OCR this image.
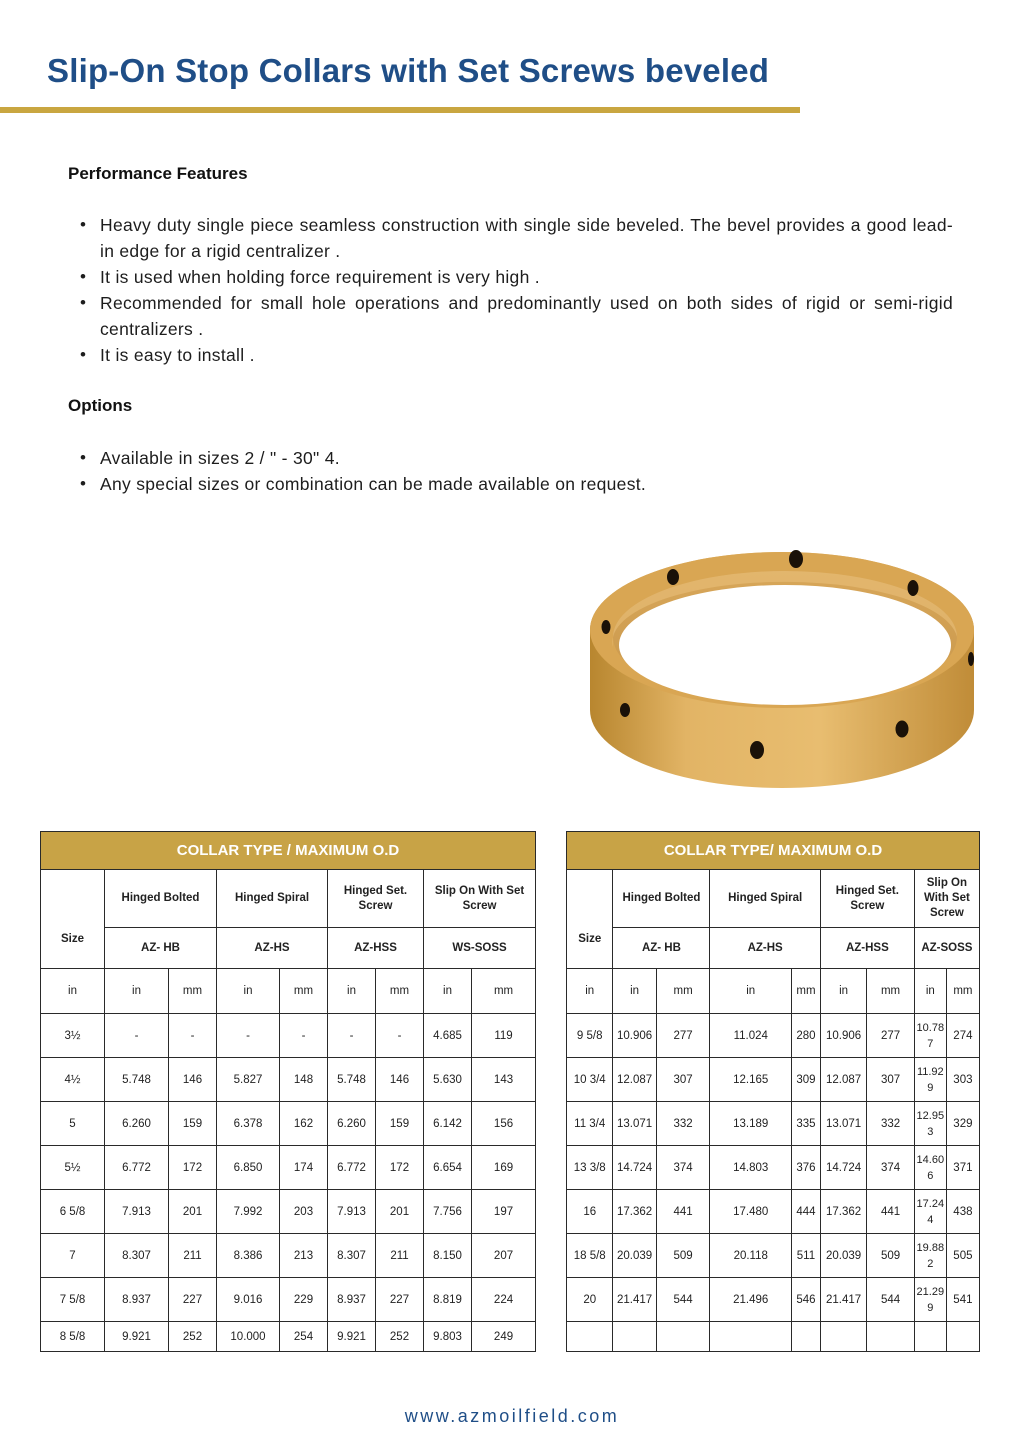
Slip-On Stop Collars with Set Screws beveled
Performance Features
• Heavy duty single piece seamless construction with single side beveled. The bevel provides a good lead-in edge for a rigid centralizer .
• It is used when holding force requirement is very high .
• Recommended for small hole operations and predominantly used on both sides of rigid or semi-rigid centralizers .
• It is easy to install .
Options
• Available in sizes 2 / " - 30" 4.
• Any special sizes or combination can be made available on request.
COLLAR TYPE / MAXIMUM O.D								
Size	Hinged Bolted		Hinged Spiral		Hinged Set. Screw		Slip On With Set Screw	
	AZ- HB		AZ-HS		AZ-HSS		WS-SOSS	
in	in	mm	in	mm	in	mm	in	mm
3½	-	-	-	-	-	-	4.685	119
4½	5.748	146	5.827	148	5.748	146	5.630	143
5	6.260	159	6.378	162	6.260	159	6.142	156
5½	6.772	172	6.850	174	6.772	172	6.654	169
6 5/8	7.913	201	7.992	203	7.913	201	7.756	197
7	8.307	211	8.386	213	8.307	211	8.150	207
7 5/8	8.937	227	9.016	229	8.937	227	8.819	224
8 5/8	9.921	252	10.000	254	9.921	252	9.803	249
COLLAR TYPE/ MAXIMUM O.D								
Size	Hinged Bolted		Hinged Spiral		Hinged Set. Screw		Slip On With Set Screw	
	AZ- HB		AZ-HS		AZ-HSS		AZ-SOSS	
in	in	mm	in	mm	in	mm	in	mm
9 5/8	10.906	277	11.024	280	10.906	277	10.787	274
10 3/4	12.087	307	12.165	309	12.087	307	11.929	303
11 3/4	13.071	332	13.189	335	13.071	332	12.953	329
13 3/8	14.724	374	14.803	376	14.724	374	14.606	371
16	17.362	441	17.480	444	17.362	441	17.244	438
18 5/8	20.039	509	20.118	511	20.039	509	19.882	505
20	21.417	544	21.496	546	21.417	544	21.299	541

www.azmoilfield.com
